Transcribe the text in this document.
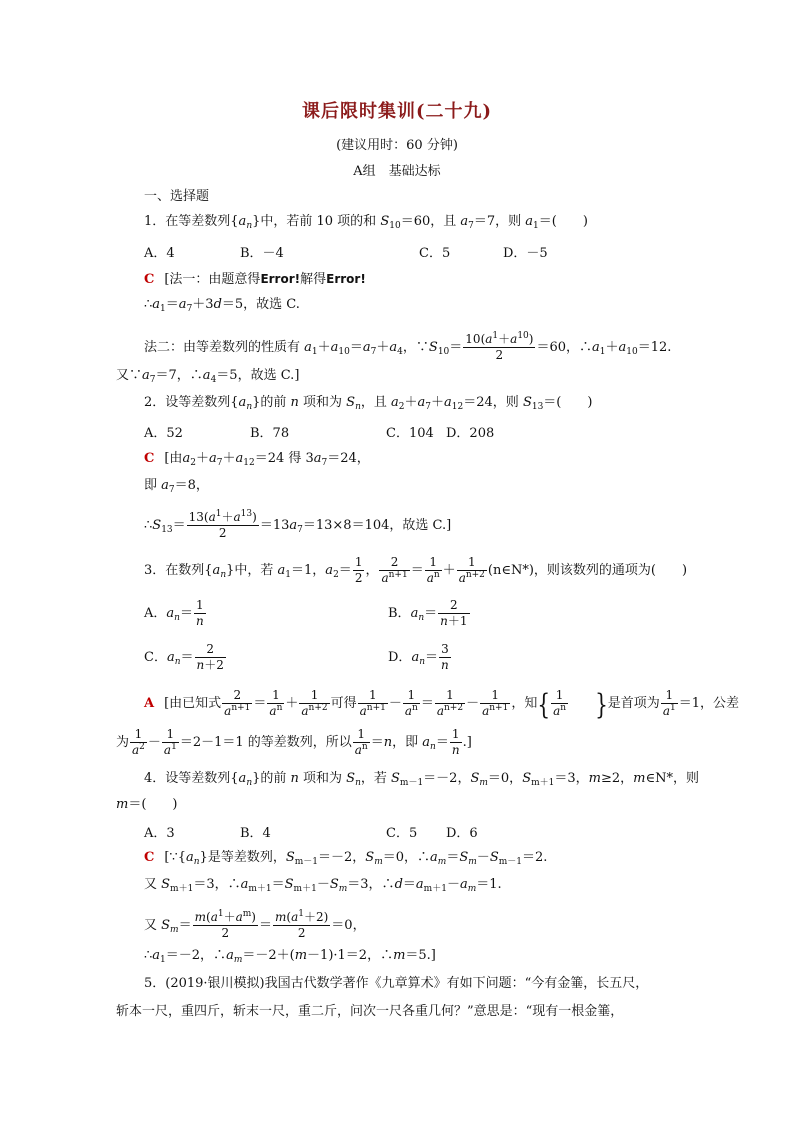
课后限时集训(二十九)
(建议用时：60 分钟)
A组　基础达标
一、选择题
1．在等差数列$\{a_n\}$中，若前 10 项的和 $S_{10}=60$，且 $a_7=7$，则 $a_1=$(　　)
A．4	B．－4	C．5	D．－5
C [法一：由题意得Error!解得Error!
$\therefore a_1=a_7+3d=5$，故选 C.
法二：由等差数列的性质有 $a_1+a_{10}=a_7+a_4$，$\because S_{10}= \frac{10(a^1+a^{10})}{2} =60$，$\therefore a_1+a_{10}=12$.
又$\because a_7=7$，$\therefore a_4=5$，故选 C.]
2．设等差数列$\{a_n\}$的前 n 项和为 $S_n$，且 $a_2+a_7+a_{12}=24$，则 $S_{13}=$(　　)
A．52	B．78	C．104 D．208
C [由$a_2+a_7+a_{12}=24$ 得 $3a_7=24$，
即 $a_7=8$，
$\therefore S_{13}= \frac{13(a^1+a^{13})}{2} =13a_7=13\times 8=104$，故选 C.]
3．在数列$\{a_n\}$中，若 $a_1=1$，$a_2= \frac{1}{2}$ ， $\frac{2}{a^{n+1}} = \frac{1}{a^n} + \frac{1}{a^{n+2}}$ (n∈N*)，则该数列的通项为(　　)
A．$a_n= \frac{1}{n}$	B．$a_n= \frac{2}{n+1}$
C．$a_n= \frac{2}{n+2}$	D．$a_n= \frac{3}{n}$
A [由已知式 $\frac{2}{a^{n+1}} = \frac{1}{a^n} + \frac{1}{a^{n+2}}$ 可得 $\frac{1}{a^{n+1}} - \frac{1}{a^n} = \frac{1}{a^{n+2}} - \frac{1}{a^{n+1}}$ ，知{ $\frac{1}{a^n}$
　　 }是首项为 $\frac{1}{a^1} =1$，公差
为 $\frac{1}{a^2} - \frac{1}{a^1} =2-1=1$ 的等差数列，所以 $\frac{1}{a^n} =n$，即 $a_n= \frac{1}{n}$ .]
4．设等差数列$\{a_n\}$的前 n 项和为 $S_n$，若 $S_{m-1}=-2$，$S_m=0$，$S_{m+1}=3$，m≥2，m∈N*，则
m＝(　　)
A．3	B．4	C．5 D．6
C [$\because\{a_n\}$是等差数列，$S_{m-1}=-2$，$S_m=0$，$\therefore a_m=S_m-S_{m-1}=2$.
又 $S_{m+1}=3$，$\therefore a_{m+1}=S_{m+1}-S_m=3$，$\therefore d=a_{m+1}-a_m=1$.
又 $S_m= \frac{m(a^1+a^m)}{2} = \frac{m(a^1+2)}{2} =0$，
$\therefore a_1=-2$，$\therefore a_m=-2+(m-1)\cdot 1=2$，∴m＝5.]
5．(2019·银川模拟)我国古代数学著作《九章算术》有如下问题：“今有金箠，长五尺，
斩本一尺，重四斤，斩末一尺，重二斤，问次一尺各重几何？”意思是：“现有一根金箠，
